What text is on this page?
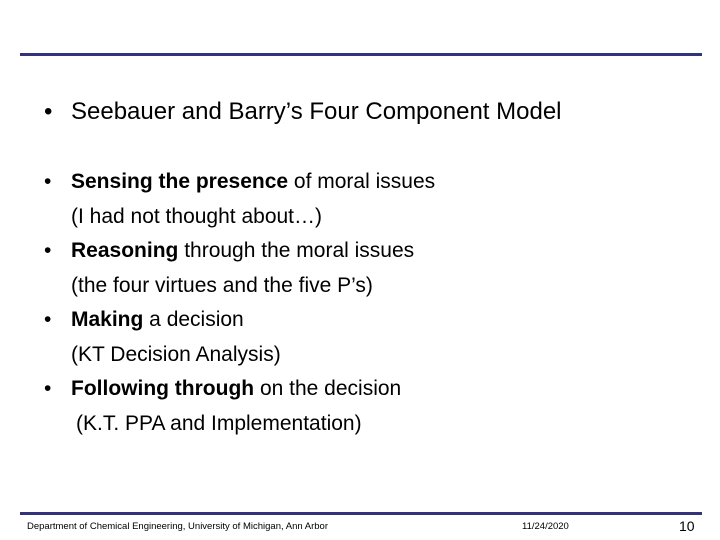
• Seebauer and Barry’s Four Component Model
• Sensing the presence of moral issues
(I had not thought about…)
• Reasoning through the moral issues
(the four virtues and the five P’s)
• Making a decision
(KT Decision Analysis)
• Following through on the decision
(K.T. PPA and Implementation)
Department of Chemical Engineering, University of Michigan, Ann Arbor	11/24/2020	10
